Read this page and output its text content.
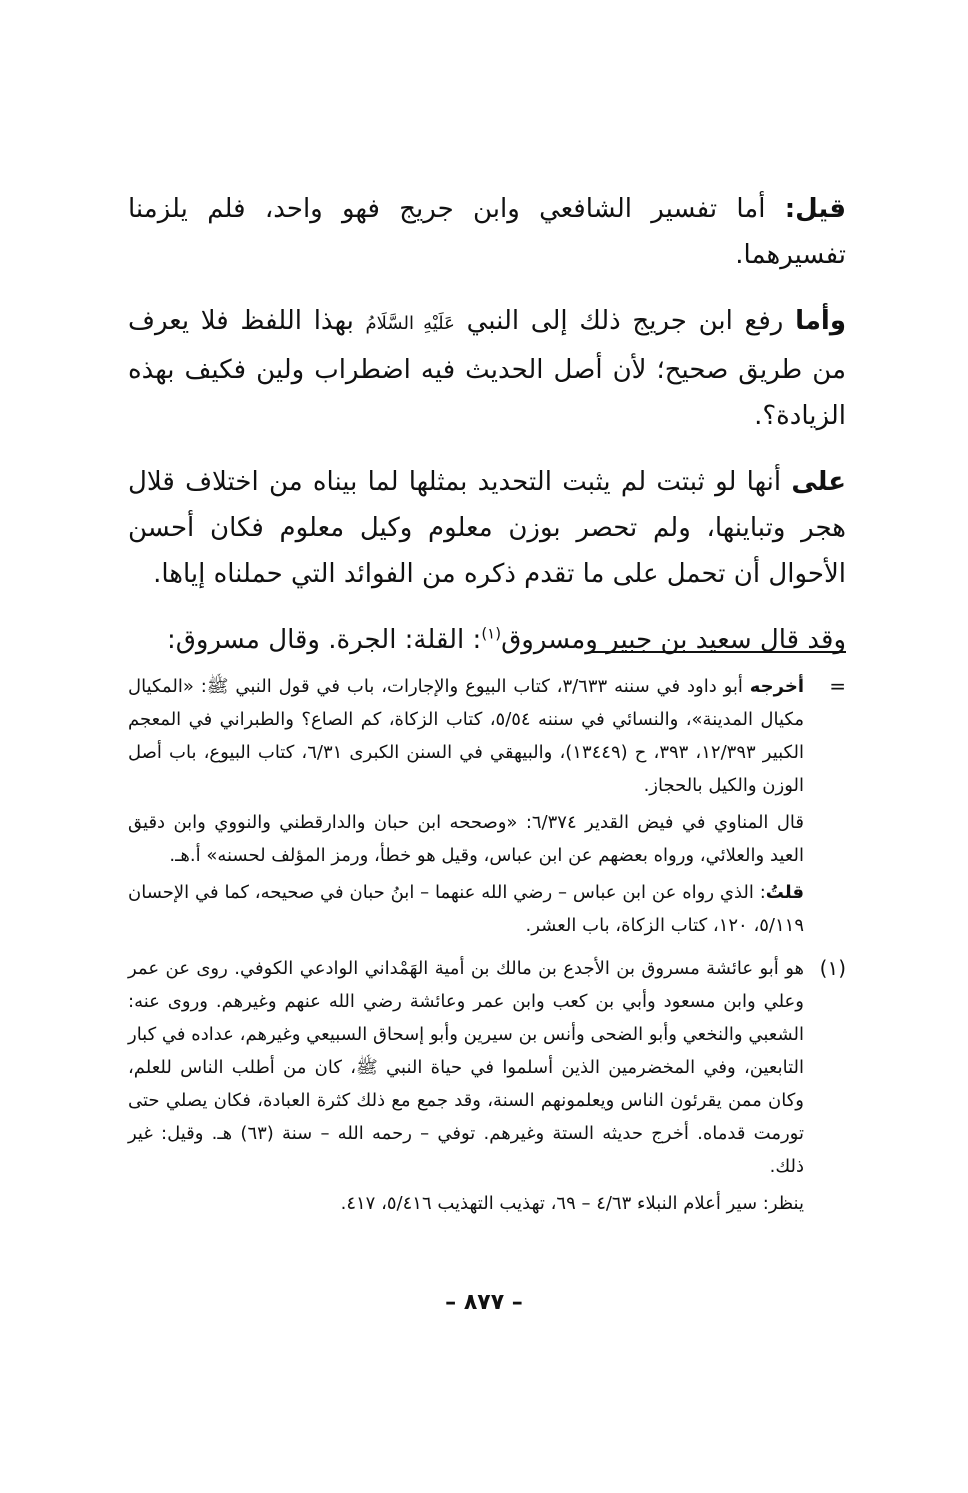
قيل: أما تفسير الشافعي وابن جريج فهو واحد، فلم يلزمنا تفسيرهما.

وأما رفع ابن جريج ذلك إلى النبي عَلَيْهِ السَّلَامُ بهذا اللفظ فلا يعرف من طريق صحيح؛ لأن أصل الحديث فيه اضطراب ولين فكيف بهذه الزيادة؟.

على أنها لو ثبتت لم يثبت التحديد بمثلها لما بيناه من اختلاف قلال هجر وتباينها، ولم تحصر بوزن معلوم وكيل معلوم فكان أحسن الأحوال أن تحمل على ما تقدم ذكره من الفوائد التي حملناه إياها.

وقد قال سعيد بن جبير ومسروق$^{(١)}$: القلة: الجرة. وقال مسروق:

=

أخرجه أبو داود في سننه ٣/٦٣٣، كتاب البيوع والإجارات، باب في قول النبي ﷺ: «المكيال مكيال المدينة»، والنسائي في سننه ٥/٥٤، كتاب الزكاة، كم الصاع؟ والطبراني في المعجم الكبير ١٢/٣٩٣، ٣٩٣، ح (١٣٤٤٩)، والبيهقي في السنن الكبرى ٦/٣١، كتاب البيوع، باب أصل الوزن والكيل بالحجاز.

قال المناوي في فيض القدير ٦/٣٧٤: «وصححه ابن حبان والدارقطني والنووي وابن دقيق العيد والعلائي، ورواه بعضهم عن ابن عباس، وقيل هو خطأ، ورمز المؤلف لحسنه» أ.هـ.

قلتُ: الذي رواه عن ابن عباس – رضي الله عنهما – ابنُ حبان في صحيحه، كما في الإحسان ٥/١١٩، ١٢٠، كتاب الزكاة، باب العشر.

(١)

هو أبو عائشة مسروق بن الأجدع بن مالك بن أمية الهَمْداني الوادعي الكوفي. روى عن عمر وعلي وابن مسعود وأبي بن كعب وابن عمر وعائشة رضي الله عنهم وغيرهم. وروى عنه: الشعبي والنخعي وأبو الضحى وأنس بن سيرين وأبو إسحاق السبيعي وغيرهم، عداده في كبار التابعين، وفي المخضرمين الذين أسلموا في حياة النبي ﷺ، كان من أطلب الناس للعلم، وكان ممن يقرئون الناس ويعلمونهم السنة، وقد جمع مع ذلك كثرة العبادة، فكان يصلي حتى تورمت قدماه. أخرج حديثه الستة وغيرهم. توفي – رحمه الله – سنة (٦٣) هـ. وقيل: غير ذلك.

ينظر: سير أعلام النبلاء ٤/٦٣ – ٦٩، تهذيب التهذيب ٥/٤١٦، ٤١٧.

– ٨٧٧ –
